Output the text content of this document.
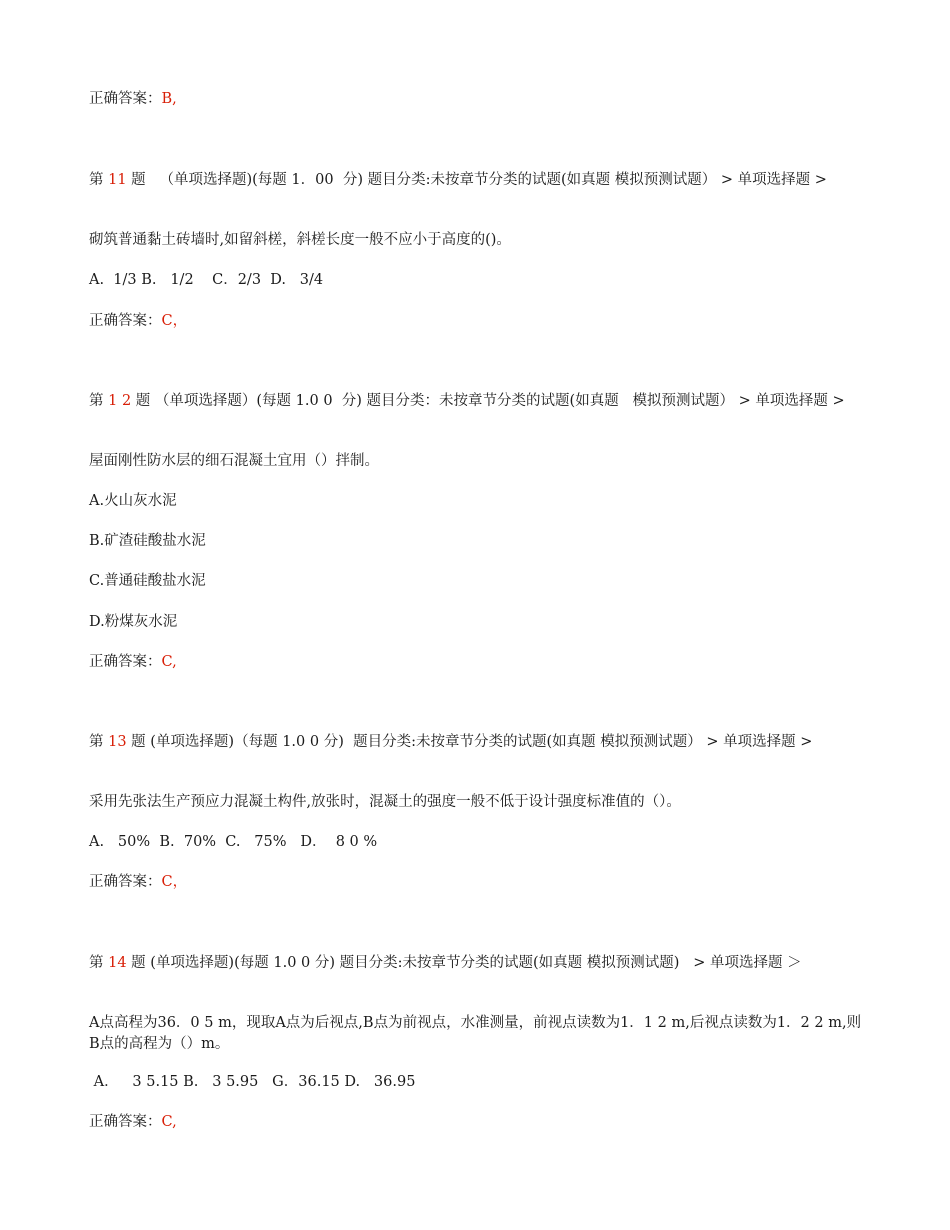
正确答案：B,
第 11 题   （单项选择题)(每题 1．00  分) 题目分类:未按章节分类的试题(如真题 模拟预测试题） > 单项选择题 >
砌筑普通黏土砖墙时,如留斜槎，斜槎长度一般不应小于高度的()。
A.  1/3 B.   1/2    C．2/3  D.   3/4
正确答案：C，
第 1 2 题 （单项选择题）(每题 1.0 0  分) 题目分类：未按章节分类的试题(如真题   模拟预测试题） > 单项选择题 >
屋面刚性防水层的细石混凝土宜用（）拌制。
A.火山灰水泥
B.矿渣硅酸盐水泥
C.普通硅酸盐水泥
D.粉煤灰水泥
正确答案：C,
第 13 题 (单项选择题)（每题 1.0 0 分)  题目分类:未按章节分类的试题(如真题 模拟预测试题） > 单项选择题 >
采用先张法生产预应力混凝土构件,放张时，混凝土的强度一般不低于设计强度标准值的（）。
A.   50%  B.  70%  C.   75%   D．  8 0 %
正确答案：C，
第 14 题 (单项选择题)(每题 1.0 0 分) 题目分类:未按章节分类的试题(如真题 模拟预测试题)   > 单项选择题 ＞
A点高程为36．0 5 m，现取A点为后视点,B点为前视点，水准测量，前视点读数为1．1 2 m,后视点读数为1．2 2 m,则B点的高程为（）m。
A．   3 5.15 B.   3 5.95   G．36.15 D.   36.95
正确答案：C,
